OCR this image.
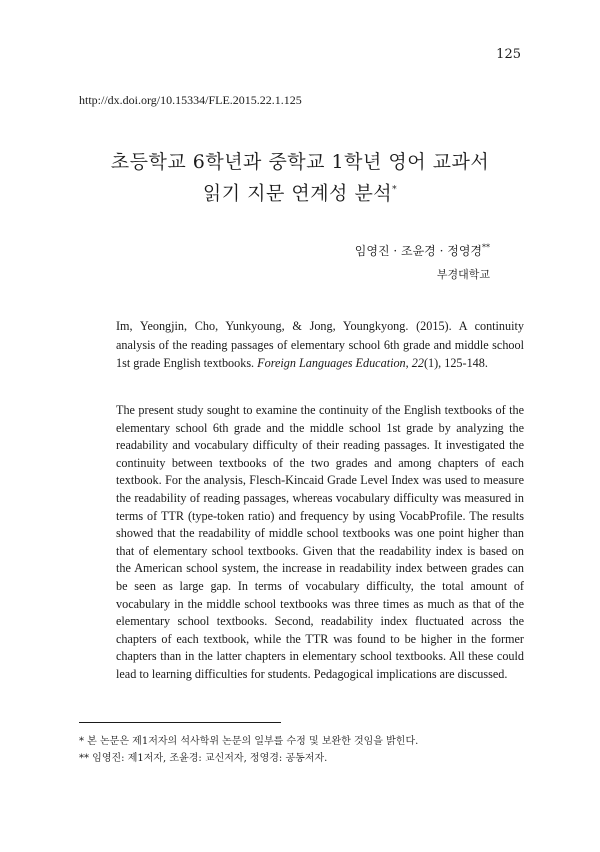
125
http://dx.doi.org/10.15334/FLE.2015.22.1.125
초등학교 6학년과 중학교 1학년 영어 교과서
읽기 지문 연계성 분석*
임영진 · 조윤경 · 정영경**
부경대학교
Im, Yeongjin, Cho, Yunkyoung, & Jong, Youngkyong. (2015). A continuity analysis of the reading passages of elementary school 6th grade and middle school 1st grade English textbooks. Foreign Languages Education, 22(1), 125-148.
The present study sought to examine the continuity of the English textbooks of the elementary school 6th grade and the middle school 1st grade by analyzing the readability and vocabulary difficulty of their reading passages. It investigated the continuity between textbooks of the two grades and among chapters of each textbook. For the analysis, Flesch-Kincaid Grade Level Index was used to measure the readability of reading passages, whereas vocabulary difficulty was measured in terms of TTR (type-token ratio) and frequency by using VocabProfile. The results showed that the readability of middle school textbooks was one point higher than that of elementary school textbooks. Given that the readability index is based on the American school system, the increase in readability index between grades can be seen as large gap. In terms of vocabulary difficulty, the total amount of vocabulary in the middle school textbooks was three times as much as that of the elementary school textbooks. Second, readability index fluctuated across the chapters of each textbook, while the TTR was found to be higher in the former chapters than in the latter chapters in elementary school textbooks. All these could lead to learning difficulties for students. Pedagogical implications are discussed.
* 본 논문은 제1저자의 석사학위 논문의 일부를 수정 및 보완한 것임을 밝힌다.
** 임영진: 제1저자, 조윤경: 교신저자, 정영경: 공동저자.
